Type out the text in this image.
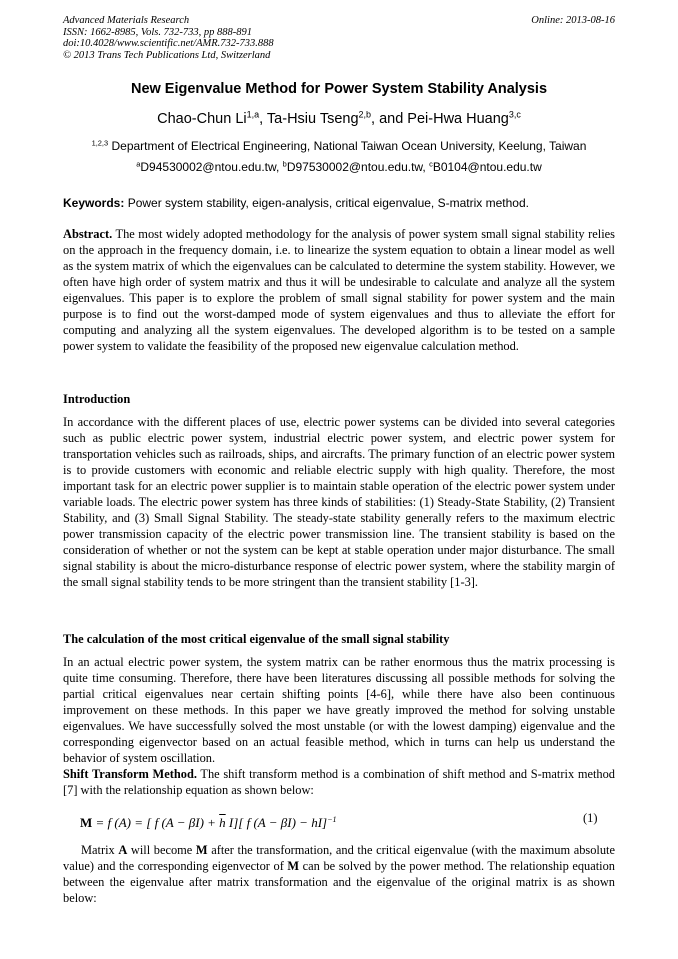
Advanced Materials Research
ISSN: 1662-8985, Vols. 732-733, pp 888-891
doi:10.4028/www.scientific.net/AMR.732-733.888
© 2013 Trans Tech Publications Ltd, Switzerland
Online: 2013-08-16
New Eigenvalue Method for Power System Stability Analysis
Chao-Chun Li$^{1,a}$, Ta-Hsiu Tseng$^{2,b}$, and Pei-Hwa Huang$^{3,c}$
$^{1,2,3}$ Department of Electrical Engineering, National Taiwan Ocean University, Keelung, Taiwan
$^a$D94530002@ntou.edu.tw, $^b$D97530002@ntou.edu.tw, $^c$B0104@ntou.edu.tw
Keywords: Power system stability, eigen-analysis, critical eigenvalue, S-matrix method.
Abstract. The most widely adopted methodology for the analysis of power system small signal stability relies on the approach in the frequency domain, i.e. to linearize the system equation to obtain a linear model as well as the system matrix of which the eigenvalues can be calculated to determine the system stability. However, we often have high order of system matrix and thus it will be undesirable to calculate and analyze all the system eigenvalues. This paper is to explore the problem of small signal stability for power system and the main purpose is to find out the worst-damped mode of system eigenvalues and thus to alleviate the effort for computing and analyzing all the system eigenvalues. The developed algorithm is to be tested on a sample power system to validate the feasibility of the proposed new eigenvalue calculation method.
Introduction
In accordance with the different places of use, electric power systems can be divided into several categories such as public electric power system, industrial electric power system, and electric power system for transportation vehicles such as railroads, ships, and aircrafts. The primary function of an electric power system is to provide customers with economic and reliable electric supply with high quality. Therefore, the most important task for an electric power supplier is to maintain stable operation of the electric power system under variable loads. The electric power system has three kinds of stabilities: (1) Steady-State Stability, (2) Transient Stability, and (3) Small Signal Stability. The steady-state stability generally refers to the maximum electric power transmission capacity of the electric power transmission line. The transient stability is based on the consideration of whether or not the system can be kept at stable operation under major disturbance. The small signal stability is about the micro-disturbance response of electric power system, where the stability margin of the small signal stability tends to be more stringent than the transient stability [1-3].
The calculation of the most critical eigenvalue of the small signal stability
In an actual electric power system, the system matrix can be rather enormous thus the matrix processing is quite time consuming. Therefore, there have been literatures discussing all possible methods for solving the partial critical eigenvalues near certain shifting points [4-6], while there have also been continuous improvement on these methods. In this paper we have greatly improved the method for solving unstable eigenvalues. We have successfully solved the most unstable (or with the lowest damping) eigenvalue and the corresponding eigenvector based on an actual feasible method, which in turns can help us understand the behavior of system oscillation.
Shift Transform Method. The shift transform method is a combination of shift method and S-matrix method [7] with the relationship equation as shown below:
M = f (A) = [ f $(A - \beta I) + \overline{h}$ I][ f (A − βI) − hI]$^{-1}$	(1)
Matrix A will become M after the transformation, and the critical eigenvalue (with the maximum absolute value) and the corresponding eigenvector of M can be solved by the power method. The relationship equation between the eigenvalue after matrix transformation and the eigenvalue of the original matrix is as shown below:
